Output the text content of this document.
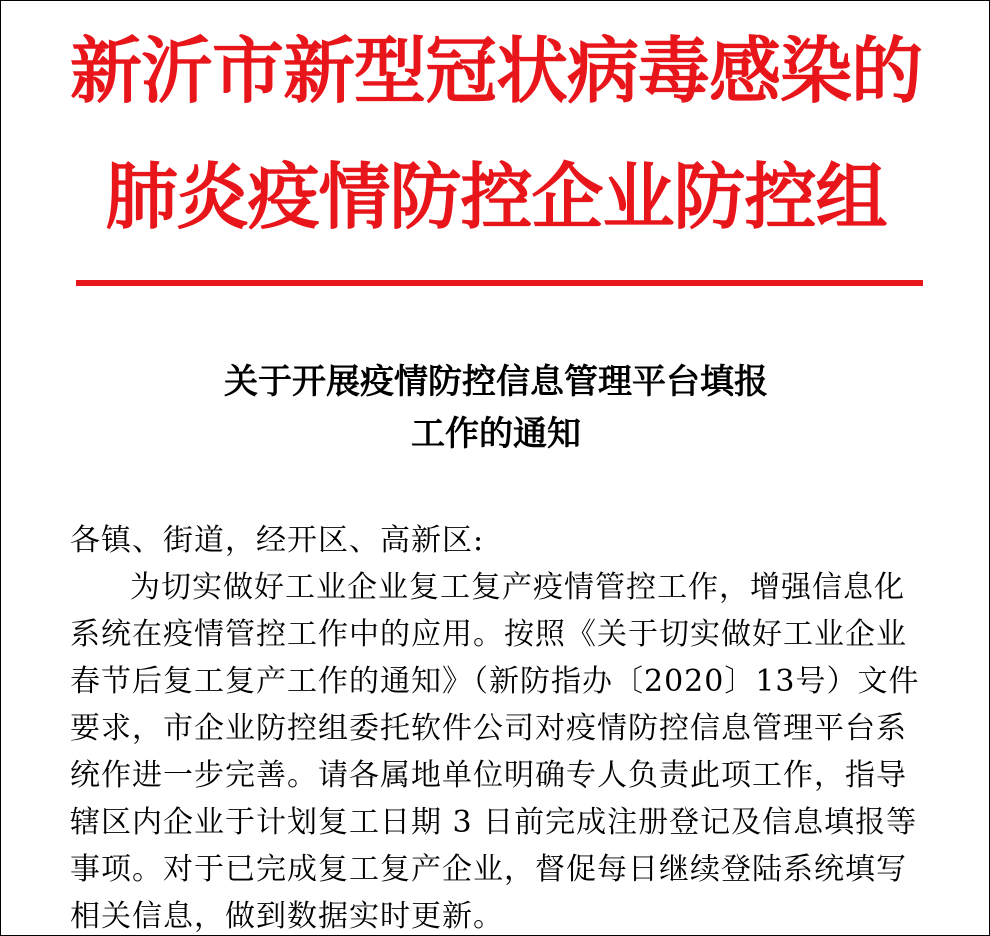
新沂市新型冠状病毒感染的
肺炎疫情防控企业防控组
关于开展疫情防控信息管理平台填报
工作的通知
各镇、街道，经开区、高新区:
为切实做好工业企业复工复产疫情管控工作，增强信息化
系统在疫情管控工作中的应用。按照《关于切实做好工业企业
春节后复工复产工作的通知》（新防指办〔2020〕13号）文件
要求，市企业防控组委托软件公司对疫情防控信息管理平台系
统作进一步完善。请各属地单位明确专人负责此项工作，指导
辖区内企业于计划复工日期 3 日前完成注册登记及信息填报等
事项。对于已完成复工复产企业，督促每日继续登陆系统填写
相关信息，做到数据实时更新。
